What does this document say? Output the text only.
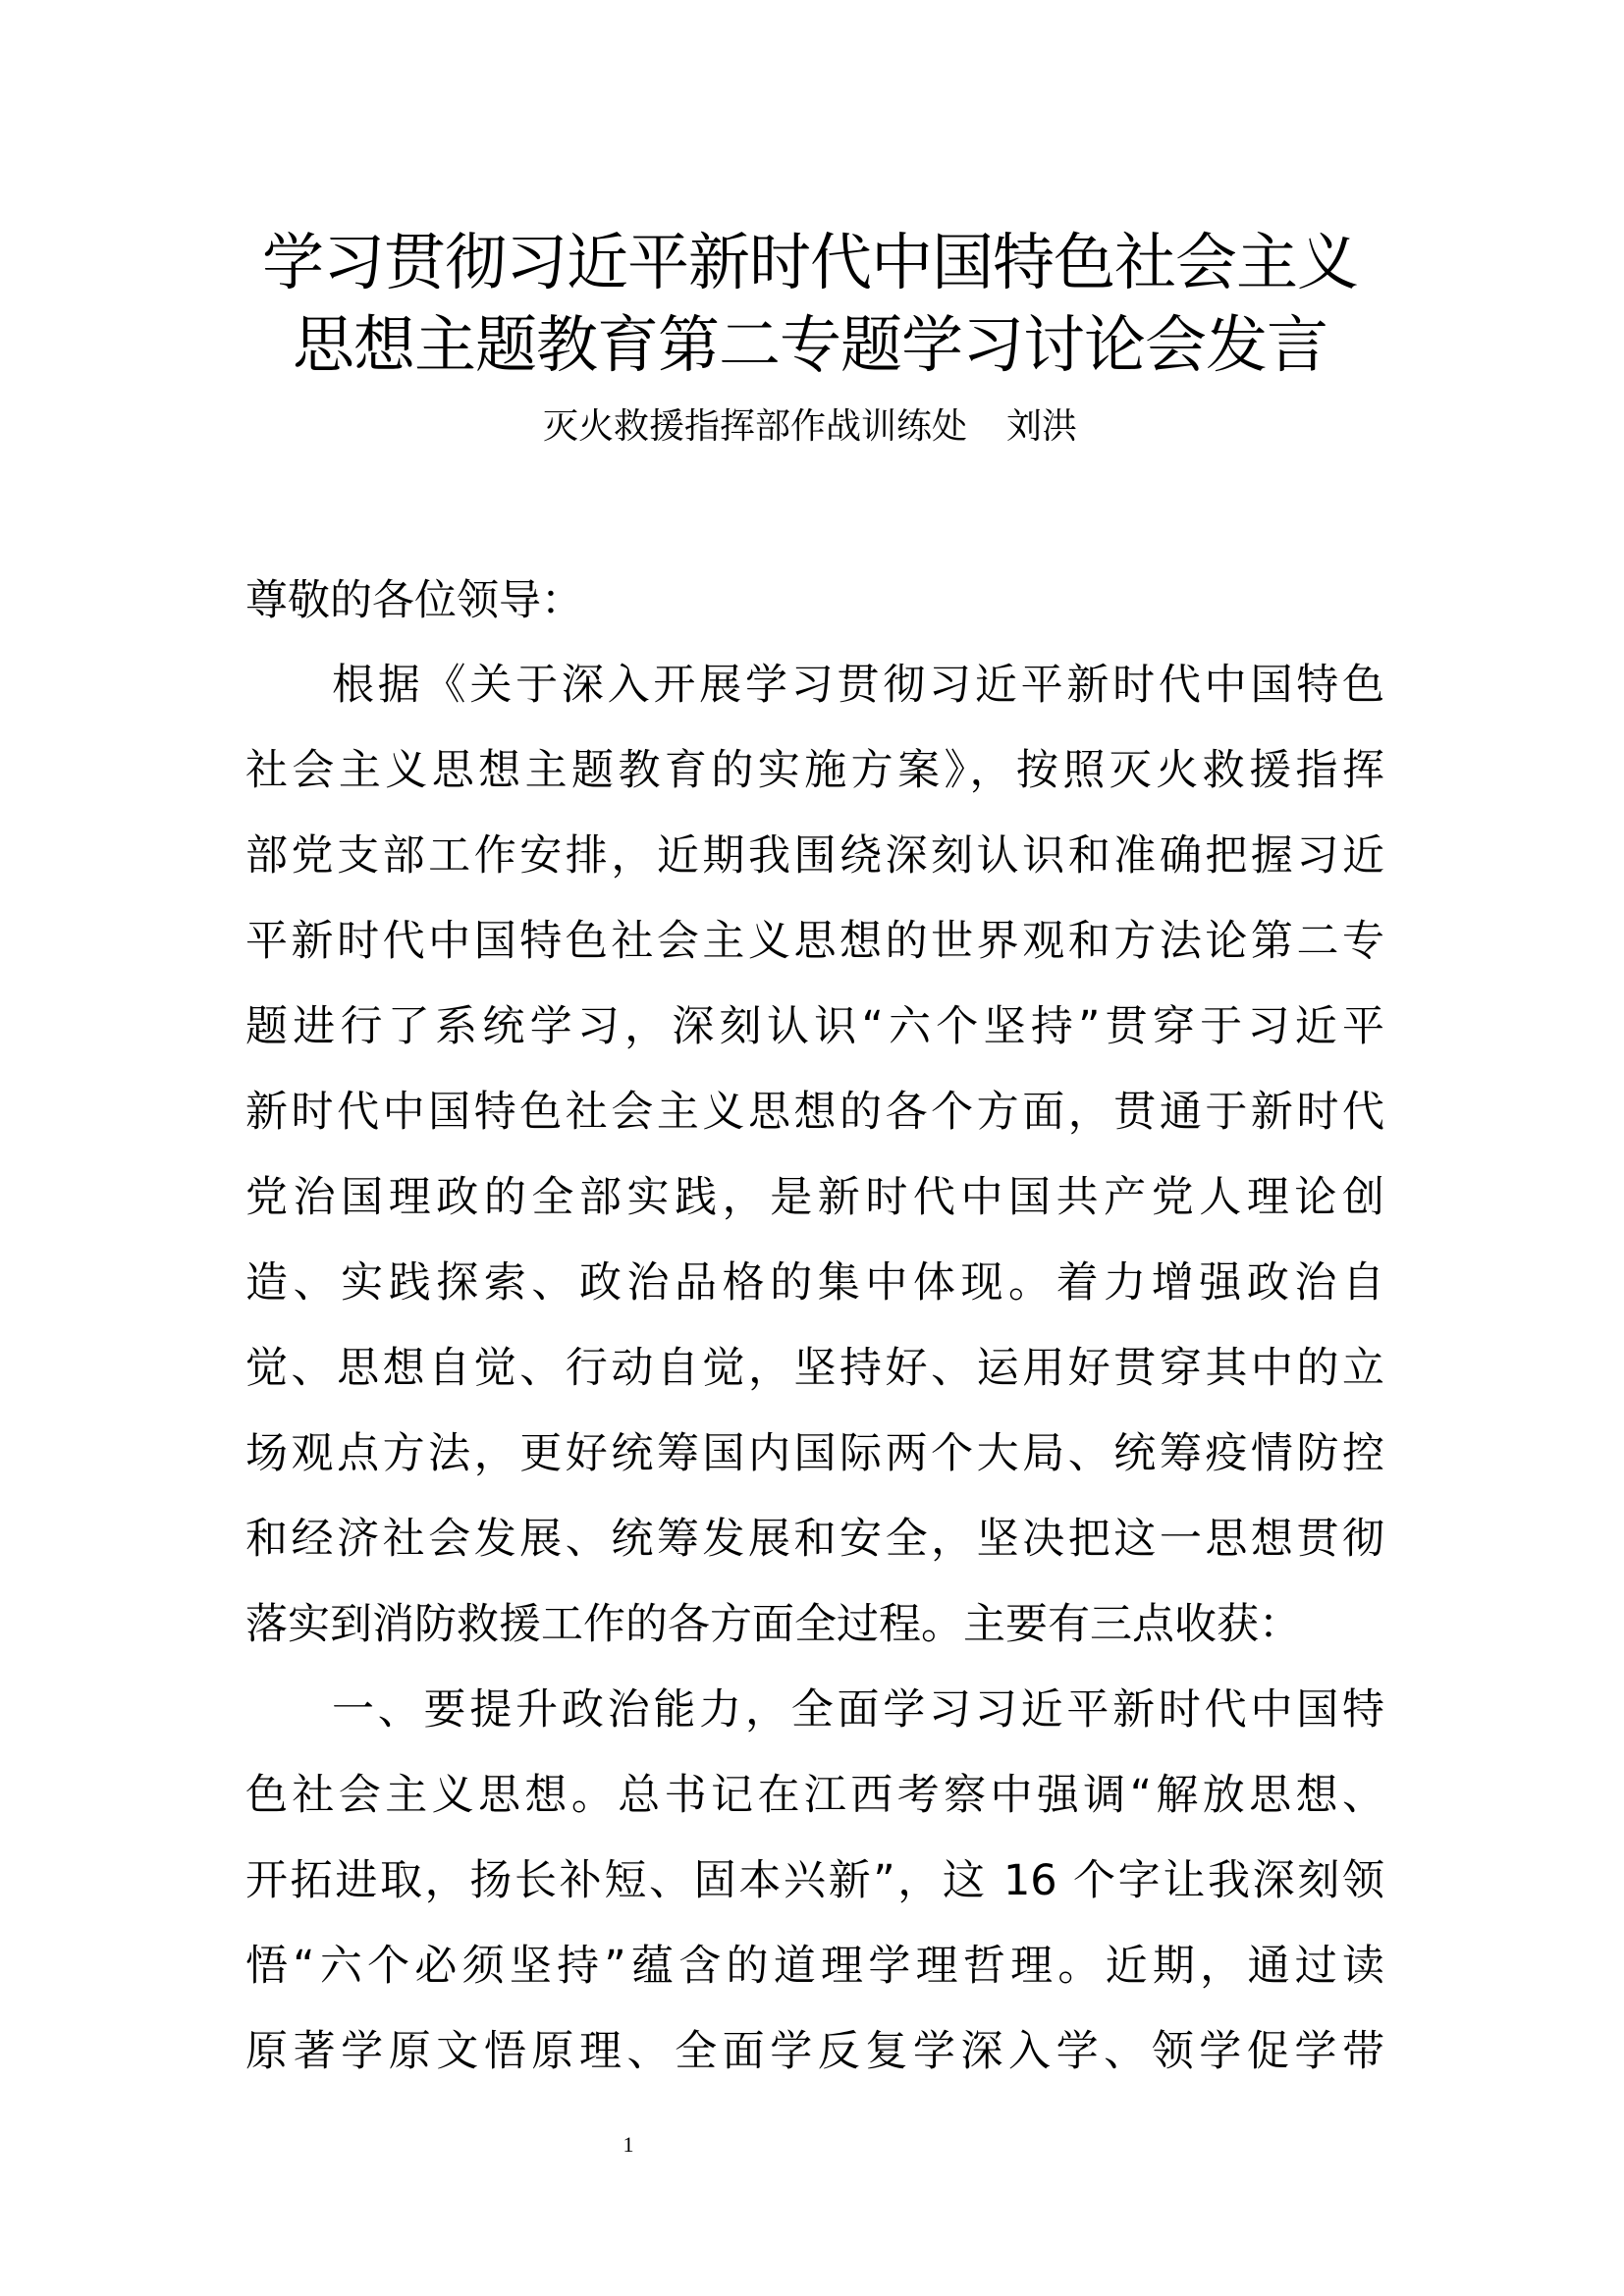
学习贯彻习近平新时代中国特色社会主义
思想主题教育第二专题学习讨论会发言
灭火救援指挥部作战训练处 刘洪
尊敬的各位领导：
根据《关于深入开展学习贯彻习近平新时代中国特色
社会主义思想主题教育的实施方案》，按照灭火救援指挥
部党支部工作安排，近期我围绕深刻认识和准确把握习近
平新时代中国特色社会主义思想的世界观和方法论第二专
题进行了系统学习，深刻认识“六个坚持”贯穿于习近平
新时代中国特色社会主义思想的各个方面，贯通于新时代
党治国理政的全部实践，是新时代中国共产党人理论创
造、实践探索、政治品格的集中体现。着力增强政治自
觉、思想自觉、行动自觉，坚持好、运用好贯穿其中的立
场观点方法，更好统筹国内国际两个大局、统筹疫情防控
和经济社会发展、统筹发展和安全，坚决把这一思想贯彻
落实到消防救援工作的各方面全过程。主要有三点收获：
一、要提升政治能力，全面学习习近平新时代中国特
色社会主义思想。总书记在江西考察中强调“解放思想、
开拓进取，扬长补短、固本兴新”，这 16 个字让我深刻领
悟“六个必须坚持”蕴含的道理学理哲理。近期，通过读
原著学原文悟原理、全面学反复学深入学、领学促学带
1
